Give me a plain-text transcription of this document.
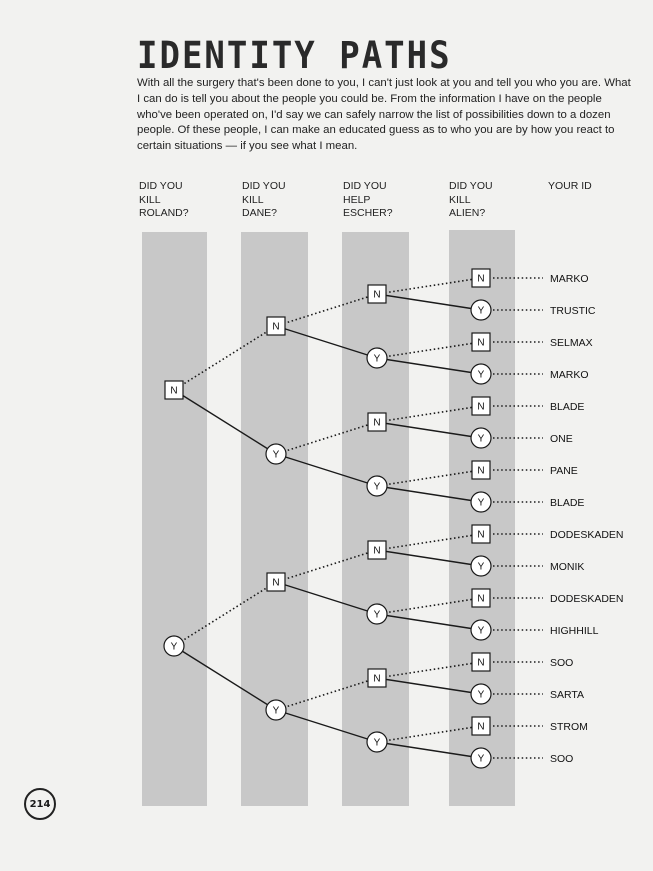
IDENTITY PATHS

With all the surgery that's been done to you, I can't just look at you and tell you who you are. What I can do is tell you about the people you could be. From the information I have on the people who've been operated on, I'd say we can safely narrow the list of possibilities down to a dozen people. Of these people, I can make an educated guess as to who you are by how you react to certain situations — if you see what I mean.

DID YOU
KILL
ROLAND?
DID YOU
KILL
DANE?
DID YOU
HELP
ESCHER?
DID YOU
KILL
ALIEN?
YOUR ID
MARKO
TRUSTIC
SELMAX
MARKO
BLADE
ONE
PANE
BLADE
DODESKADEN
MONIK
DODESKADEN
HIGHHILL
SOO
SARTA
STROM
SOO
N
Y
N
Y
N
Y
N
Y
N
Y
N
Y
N
Y
N
Y
N
Y
N
Y
N
Y
N
Y
N
Y
N
Y
N
Y
214
